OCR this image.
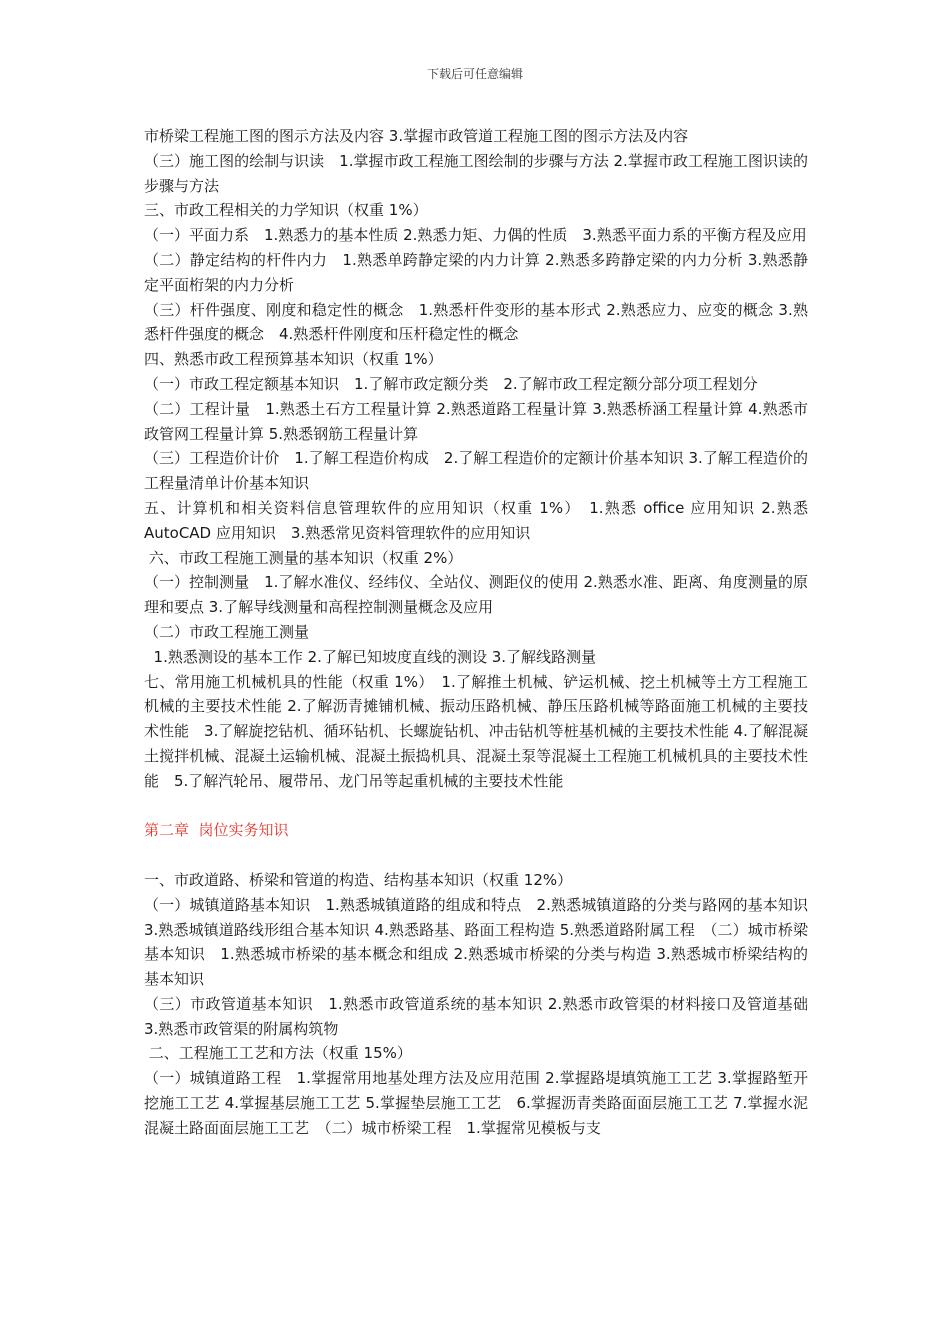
下载后可任意编辑

市桥梁工程施工图的图示方法及内容 3.掌握市政管道工程施工图的图示方法及内容

（三）施工图的绘制与识读　1.掌握市政工程施工图绘制的步骤与方法 2.掌握市政工程施工图识读的步骤与方法

三、市政工程相关的力学知识（权重 1%）

（一）平面力系　1.熟悉力的基本性质 2.熟悉力矩、力偶的性质　3.熟悉平面力系的平衡方程及应用

（二）静定结构的杆件内力　1.熟悉单跨静定梁的内力计算 2.熟悉多跨静定梁的内力分析 3.熟悉静定平面桁架的内力分析

（三）杆件强度、刚度和稳定性的概念　1.熟悉杆件变形的基本形式 2.熟悉应力、应变的概念 3.熟悉杆件强度的概念　4.熟悉杆件刚度和压杆稳定性的概念

四、熟悉市政工程预算基本知识（权重 1%）

（一）市政工程定额基本知识　1.了解市政定额分类　2.了解市政工程定额分部分项工程划分

（二）工程计量　1.熟悉土石方工程量计算 2.熟悉道路工程量计算 3.熟悉桥涵工程量计算 4.熟悉市政管网工程量计算 5.熟悉钢筋工程量计算

（三）工程造价计价　1.了解工程造价构成　2.了解工程造价的定额计价基本知识 3.了解工程造价的工程量清单计价基本知识

五、计算机和相关资料信息管理软件的应用知识（权重 1%）　1.熟悉 office 应用知识 2.熟悉 AutoCAD 应用知识　3.熟悉常见资料管理软件的应用知识

六、市政工程施工测量的基本知识（权重 2%）

（一）控制测量　1.了解水准仪、经纬仪、全站仪、测距仪的使用 2.熟悉水准、距离、角度测量的原理和要点 3.了解导线测量和高程控制测量概念及应用

（二）市政工程施工测量

1.熟悉测设的基本工作 2.了解已知坡度直线的测设 3.了解线路测量

七、常用施工机械机具的性能（权重 1%）　1.了解推土机械、铲运机械、挖土机械等土方工程施工机械的主要技术性能 2.了解沥青摊铺机械、振动压路机械、静压压路机械等路面施工机械的主要技术性能　3.了解旋挖钻机、循环钻机、长螺旋钻机、冲击钻机等桩基机械的主要技术性能 4.了解混凝土搅拌机械、混凝土运输机械、混凝土振捣机具、混凝土泵等混凝土工程施工机械机具的主要技术性能　5.了解汽轮吊、履带吊、龙门吊等起重机械的主要技术性能

第二章  岗位实务知识

一、市政道路、桥梁和管道的构造、结构基本知识（权重 12%）

（一）城镇道路基本知识　1.熟悉城镇道路的组成和特点　2.熟悉城镇道路的分类与路网的基本知识 3.熟悉城镇道路线形组合基本知识 4.熟悉路基、路面工程构造 5.熟悉道路附属工程　（二）城市桥梁基本知识　1.熟悉城市桥梁的基本概念和组成 2.熟悉城市桥梁的分类与构造 3.熟悉城市桥梁结构的基本知识

（三）市政管道基本知识　1.熟悉市政管道系统的基本知识 2.熟悉市政管渠的材料接口及管道基础 3.熟悉市政管渠的附属构筑物

二、工程施工工艺和方法（权重 15%）

（一）城镇道路工程　1.掌握常用地基处理方法及应用范围 2.掌握路堤填筑施工工艺 3.掌握路堑开挖施工工艺 4.掌握基层施工工艺 5.掌握垫层施工工艺　6.掌握沥青类路面面层施工工艺 7.掌握水泥混凝土路面面层施工工艺　（二）城市桥梁工程　1.掌握常见模板与支
